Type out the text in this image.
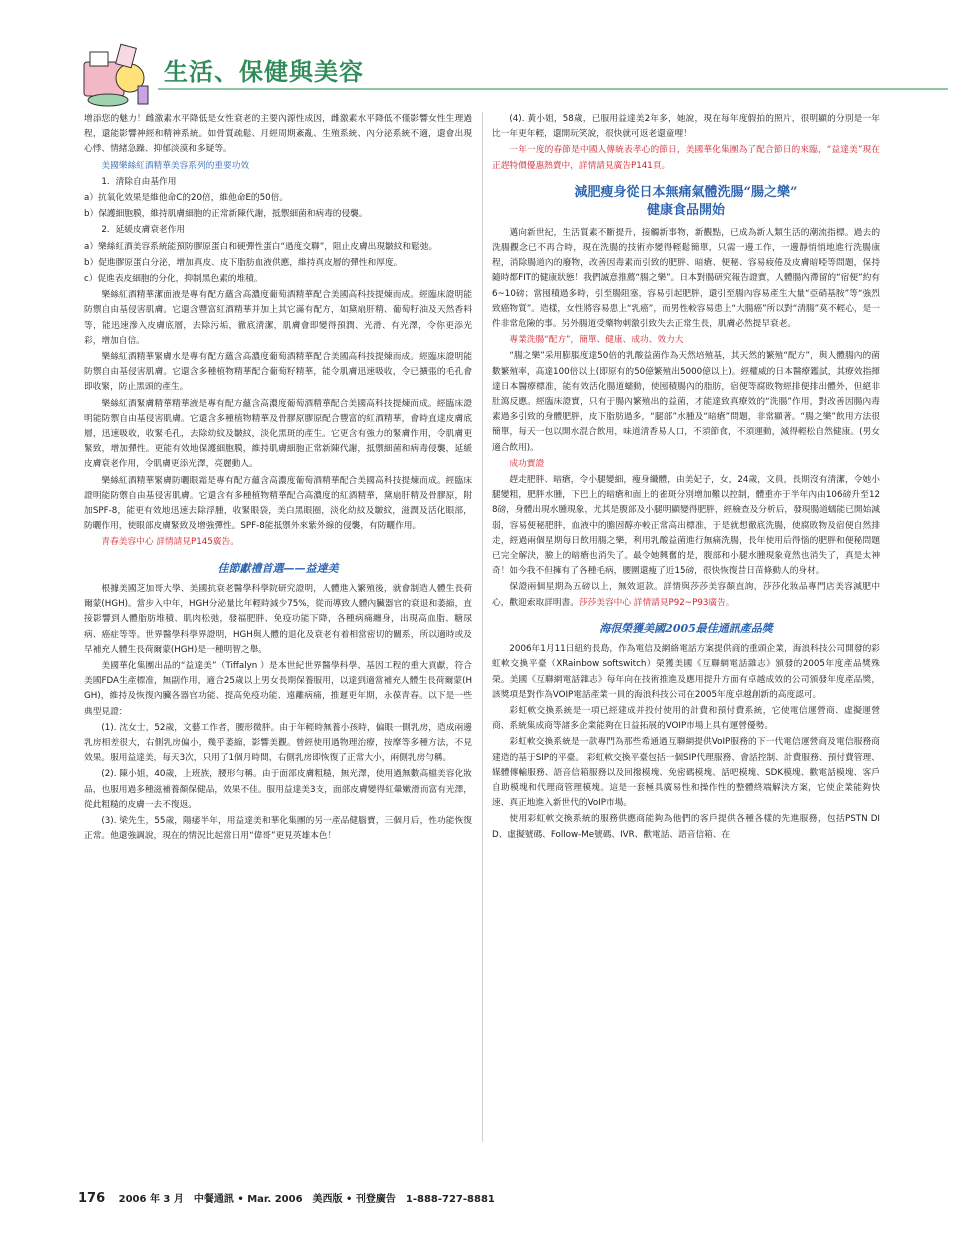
生活、保健與美容

增添您的魅力！雌激素水平降低是女性衰老的主要內源性成因，雌激素水平降低不僅影響女性生理過程，還能影響神經和精神系統。如骨質疏鬆、月經周期紊亂、生殖系統、內分泌系統不適，還會出現心悸、情緒急躁、抑郁淡漠和多疑等。

美國樂絲紅酒精華美容系列的重要功效

1．清除自由基作用

a）抗氧化效果是維他命C的20倍，維他命E的50倍。

b）保護細胞膜，維持肌膚細胞的正常新陳代謝，抵禦細菌和病毒的侵襲。

2．延緩皮膚衰老作用

a）樂絲紅酒美容系統能預防膠原蛋白和硬彈性蛋白“過度交聯”，阻止皮膚出現皺紋和鬆弛。

b）促進膠原蛋白分泌，增加真皮、皮下脂肪血液供應，維持真皮層的彈性和厚度。

c）促進表皮細胞的分化，抑制黑色素的堆積。

樂絲紅酒精華潔面液是專有配方蘊含高濃度葡萄酒精華配合美國高科技提煉而成。經臨床證明能防禦自由基侵害肌膚。它還含豐富紅酒精華并加上其它滿有配方，如黛扇肝精、葡萄籽油及天然香料等，能迅速滲入皮膚底層，去除污垢，徹底清潔，肌膚會即變得預潤、光滑、有光澤，令你更添光彩，增加自信。

樂絲紅酒精華緊膚水是專有配方蘊含高濃度葡萄酒精華配合美國高科技提煉而成。經臨床證明能防禦自由基侵害肌膚。它還含多種植物精華配合葡萄籽精華，能令肌膚迅速吸收，令已擴張的毛孔會即收緊，防止黑頭的產生。

樂絲紅酒緊膚精華精華液是專有配方蘊含高濃度葡萄酒精華配合美國高科技提煉而成。經臨床證明能防禦自由基侵害肌膚。它還含多種植物精華及骨膠原膠原配合豐富的紅酒精華，會時直達皮膚底層，迅速吸收，收緊毛孔，去除幼紋及皺紋，淡化黑斑的產生。它更含有強力的緊膚作用，令肌膚更緊致，增加彈性。更能有效地保護細胞膜，維持肌膚細胞正常新陳代謝，抵禦細菌和病毒侵襲，延緩皮膚衰老作用，令肌膚更添光澤，亮麗動人。

樂絲紅酒精華緊膚防曬眼霜是專有配方蘊含高濃度葡萄酒精華配合美國高科技提煉而成。經臨床證明能防禦自由基侵害肌膚。它還含有多種植物精華配合高濃度的紅酒精華，黛扇肝精及骨膠原，附加SPF-8，能更有效地迅速去除浮腫，收緊眼袋，美白黑眼圈，淡化幼紋及皺紋，滋潤及活化眼部，防曬作用，使眼部皮膚緊致及增強彈性。SPF-8能抵禦外來紫外線的侵襲，有防曬作用。

青春美容中心 詳情請見P145廣告。

佳節獻禮首選——益達美

根據美國芝加哥大學、美國抗衰老醫學科學院研究證明，人體進入繁殖後，就會制造人體生長荷爾蒙(HGH)。當步入中年，HGH分泌量比年輕時減少75%，從而導致人體內臟器官的衰退和萎縮，直接影響到人體脂肪堆積、肌肉松弛，發福肥胖、免疫功能下降，各種病痛纏身，出現高血脂、糖尿病、癌症等等。世界醫學科學界證明，HGH與人體的退化及衰老有着相當密切的關系，所以適時或及早補充人體生長荷爾蒙(HGH)是一種明智之舉。

美國華化集團出品的“益達美”（Tiffalyn ）是本世紀世界醫學科學、基因工程的重大貢獻，符合美國FDA生產標准，無副作用，適合25歲以上男女長期保養服用，以達到適當補充人體生長荷爾蒙(HGH)，維持及恢復內臟各器官功能、提高免疫功能、遠離病痛，推遲更年期，永葆青春。以下是一些典型見證：

(1). 沈女士，52歲，文藝工作者，腰形微胖。由于年輕時無養小孩時，偏眼一側乳房，造成兩邊乳房相差很大，右側乳房偏小，幾乎萎縮，影響美觀。曾經使用過物理治療，按摩等多種方法，不見效果。服用益達美，每天3次，只用了1個月時間，右側乳房即恢復了正常大小，兩側乳房勻稱。

(2). 陳小姐，40歲，上班族，腰形勻稱。由于面部皮膚粗糙，無光澤，使用過無數高檔美容化妝品，也服用過多種滋補養顏保健品，效果不佳。服用益達美3支，面部皮膚變得紅暈嫩滑而富有光澤，從此粗糙的皮膚一去不復返。

(3). 梁先生，55歲，陽痿半年，用益達美和華化集團的另一產品健腦寶，三個月后，性功能恢復正常。他還強調說，現在的情況比起當日用“偉哥”更見英雄本色！

(4). 黃小姐，58歲，已服用益達美2年多，她說，現在每年度假拍的照片，很明顯的分別是一年比一年更年輕，還開玩笑說，很快就可返老還童哩！

一年一度的春節是中國人傳統表孝心的節日，美國華化集團為了配合節日的來臨，“益達美”現在正趕特價優惠熱賣中，詳情請見廣告P141頁。

減肥瘦身從日本無痛氣體洗腸“腸之樂”
健康食品開始

邁向新世紀，生活質素不斷提升，接觸新事物，新觀點，已成為新人類生活的潮流指標。過去的洗腸觀念已不再合時，現在洗腸的技術亦變得輕鬆簡單，只需一邊工作，一邊靜悄悄地進行洗腸康程，消除腸道內的廢物，改善因毒素而引致的肥胖、暗瘡、便秘、容易疲倦及皮膚暗啞等問題，保持隨時都FIT的健康狀態！我們誠意推薦“腸之樂”。日本對腸研究報告證實，人體腸內滯留的“宿便”約有6~10磅；當囤積過多時，引至腸阻塞，容易引起肥胖，還引至腸內容易產生大量“亞硝基胺”等“強烈致癌物質”。造樣，女性將容易患上“乳癌”，而男性較容易患上“大腸癌”所以對“清腸”莫不輕心，是一件非常危險的事。另外腸道受藥物刺激引致失去正常生長，肌膚必然提早衰老。

專業洗腸“配方”，簡單、健康、成功、效力大

“腸之樂”采用膨脹度達50倍的乳酸益菌作為天然培殖基，其天然的繁殖“配方”，與人體腸內的菌數繁殖率，高達100倍以上(即原有的50億繁殖出5000億以上)。經權威的日本醫療鑑試，其療效指揮達日本醫療標准，能有效活化腸道蠕動，使囤積腸內的脂肪，宿便等腐敗物經排便排出體外，但絕非肚瀉反應。經臨床證實，只有于腸內繁殖出的益菌，才能達致真療效的“洗腸”作用，對改善因腸內毒素過多引致的身體肥胖，皮下脂肪過多，“腿部”水腫及“暗瘡”問題，非常顯著。“腸之樂”飲用方法很簡單，每天一包以開水混合飲用，味道清香易人口，不須節食，不須運動，減得輕松自然健康。(男女適合飲用)。

成功實證

趕走肥胖、暗瘡，令小腿變細，瘦身纖體，由美妃子，女，24歲，文員，長期沒有清潔，令她小腿變粗，肥胖水腫，下巴上的暗瘡和面上的雀斑分別增加難以控制，體重亦于半年內由106磅升至128磅，身體出現水腫現象，尤其是腹部及小腿明顯變得肥胖，經檢查及分析后，發現腸道蠕能已開始減弱，容易便秘肥胖，血液中的膽固醇亦較正常高出標准，于是就想徹底洗腸，使腐敗物及宿便自然排走，經過兩個星期每日飲用腸之樂，利用乳酸益菌進行無痛洗腸，長年使用后得惱的肥胖和便秘問題已完全解決，臉上的暗瘡也消失了。最令她興奮的是，腹部和小腿水腫現象竟然也消失了，真是太神奇！如今我不但擁有了各種毛病，腰圍還瘦了近15磅，很快恢復昔日苗條動人的身材。

保證兩個星期為五磅以上，無效退款。詳情與莎莎美容顏直詢，莎莎化妝品專門店美容減肥中心，歡迎索取詳明書。莎莎美容中心 詳情請見P92~P93廣告。

海很榮獲美國2005最佳通訊產品獎

2006年1月11日紐約長島，作為電信及網絡電話方案提供商的重頭企業，海浪科技公司開發的彩虹軟交換平臺（XRainbow softswitch）榮獲美國《互聯網電話雜志》頒發的2005年度產品獎殊榮。美國《互聯網電話雜志》每年向在技術推進及應用提升方面有卓越成效的公司頒發年度產品獎，該獎項是對作為VOIP電話產業一員的海浪科技公司在2005年度卓越創新的高度認可。

彩虹軟交換系統是一項已經建成并投付使用的計費和預付費系統，它使電信運營商、虛擬運營商、系統集成商等諸多企業能夠在日益拓展的VOIP市場上具有運營優勢。

彩虹軟交換系統是一款專門為那些希通過互聯網提供VoIP服務的下一代電信運營商及電信服務商建造的基于SIP的平臺。 彩虹軟交換平臺包括一個SIP代理服務、會話控制、計費服務、預付費管理、媒體傳輸服務、語音信箱服務以及回撥模塊、免密碼模塊、話吧模塊、SDK模塊、歡電話模塊、客戶自助模塊和代理商管理模塊。這是一套極具廣易性和操作性的整體終端解決方案，它使企業能夠快速、真正地進入新世代的VoIP市場。

使用彩虹軟交換系統的服務供應商能夠為他們的客戶提供各種各樣的先進服務，包括PSTN DID、虛擬號碼、Follow-Me號碼、IVR、歡電話、語音信箱、在

176 2006 年 3 月　中餐通訊 • Mar. 2006　美西版 • 刊登廣告　1-888-727-8881
